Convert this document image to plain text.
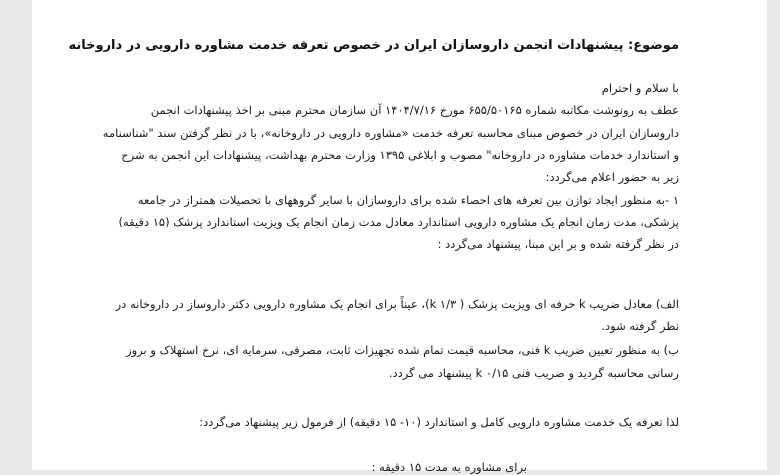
موضوع: پیشنهادات انجمن داروسازان ایران در خصوص تعرفه خدمت مشاوره دارویی در داروخانه
با سلام و احترام
عطف به رونوشت مکاتبه شماره ۶۵۵/۵۰۱۶۵ مورخ ۱۴۰۴/۷/۱۶ آن سازمان محترم مبنی بر اخذ پیشنهادات انجمن
داروسازان ایران در خصوص مبنای محاسبه تعرفه خدمت «مشاوره دارویی در داروخانه»، با در نظر گرفتن سند "شناسنامه
و استاندارد خدمات مشاوره در داروخانه" مصوب و ابلاغی ۱۳۹۵ وزارت محترم بهداشت، پیشنهادات این انجمن به شرح
زیر به حضور اعلام می‌گردد:
۱ -به منظور ایجاد توازن بین تعرفه های احصاء شده برای داروسازان با سایر گروههای با تحصیلات همتراز در جامعه
پزشکی، مدت زمان انجام یک مشاوره دارویی استاندارد معادل مدت زمان انجام یک ویزیت استاندارد پزشک (۱۵ دقیقه)
در نظر گرفته شده و بر این مبنا، پیشنهاد می‌گردد :
الف) معادل ضریب k حرفه ای ویزیت پزشک ( k ۱/۳)، عیناً برای انجام یک مشاوره دارویی دکتر داروساز در داروخانه در
نظر گرفته شود.
ب) به منظور تعیین ضریب k فنی، محاسبه قیمت تمام شده تجهیزات ثابت، مصرفی، سرمایه ای، نرخ استهلاک و بروز
رسانی محاسبه گردید و ضریب فنی k ۰/۱۵ پیشنهاد می گردد.
لذا تعرفه یک خدمت مشاوره دارویی کامل و استاندارد (۱۰- ۱۵ دقیقه) از فرمول زیر پیشنهاد می‌گردد:
برای مشاوره به مدت ۱۵ دقیقه :
